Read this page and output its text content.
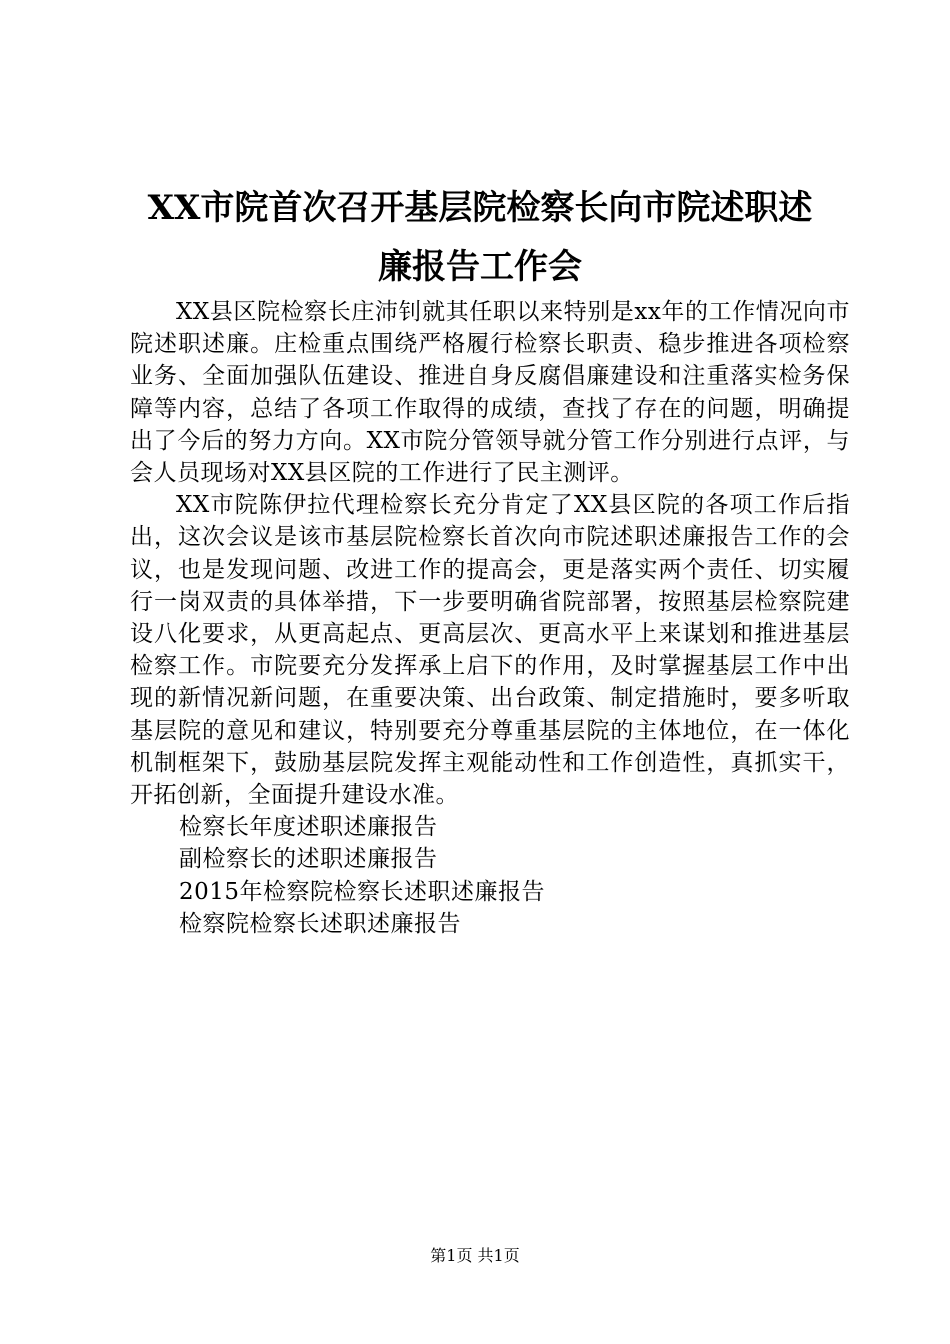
XX市院首次召开基层院检察长向市院述职述
廉报告工作会

XX县区院检察长庄沛钊就其任职以来特别是xx年的工作情况向市院述职述廉。庄检重点围绕严格履行检察长职责、稳步推进各项检察业务、全面加强队伍建设、推进自身反腐倡廉建设和注重落实检务保障等内容，总结了各项工作取得的成绩，查找了存在的问题，明确提出了今后的努力方向。XX市院分管领导就分管工作分别进行点评，与会人员现场对XX县区院的工作进行了民主测评。

XX市院陈伊拉代理检察长充分肯定了XX县区院的各项工作后指出，这次会议是该市基层院检察长首次向市院述职述廉报告工作的会议，也是发现问题、改进工作的提高会，更是落实两个责任、切实履行一岗双责的具体举措，下一步要明确省院部署，按照基层检察院建设八化要求，从更高起点、更高层次、更高水平上来谋划和推进基层检察工作。市院要充分发挥承上启下的作用，及时掌握基层工作中出现的新情况新问题，在重要决策、出台政策、制定措施时，要多听取基层院的意见和建议，特别要充分尊重基层院的主体地位，在一体化机制框架下，鼓励基层院发挥主观能动性和工作创造性，真抓实干，开拓创新，全面提升建设水准。

检察长年度述职述廉报告
副检察长的述职述廉报告
2015年检察院检察长述职述廉报告
检察院检察长述职述廉报告
第1页 共1页
